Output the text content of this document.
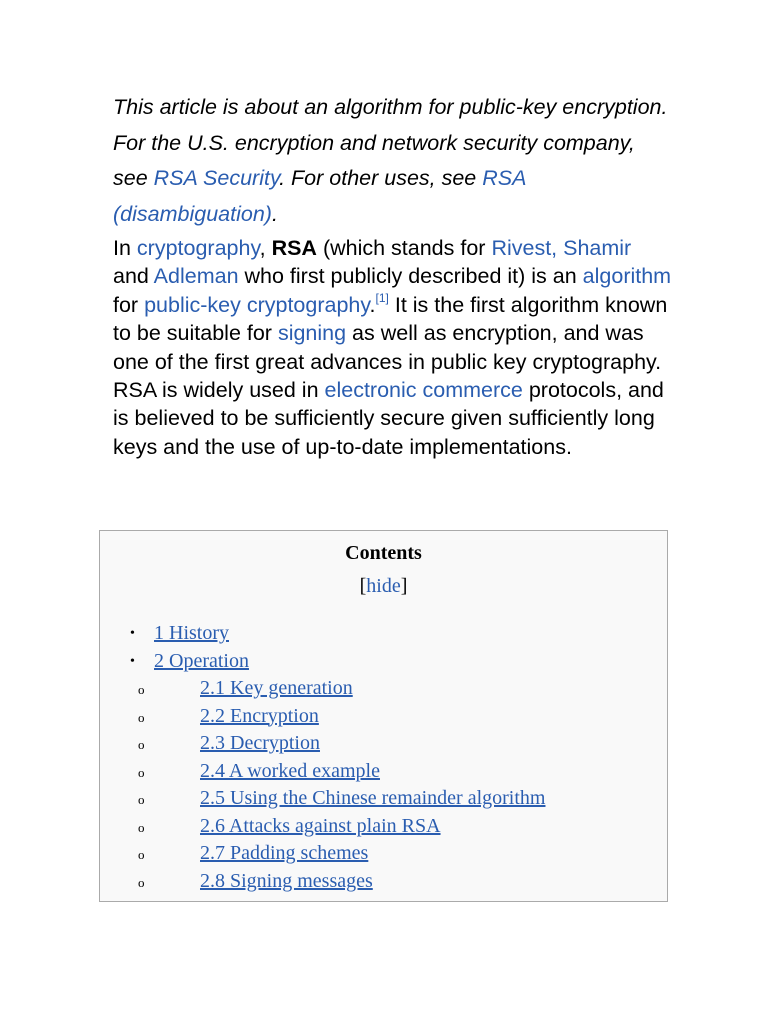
This article is about an algorithm for public-key encryption. For the U.S. encryption and network security company, see RSA Security. For other uses, see RSA (disambiguation).

In cryptography, RSA (which stands for Rivest, Shamir and Adleman who first publicly described it) is an algorithm for public-key cryptography.[1] It is the first algorithm known to be suitable for signing as well as encryption, and was one of the first great advances in public key cryptography. RSA is widely used in electronic commerce protocols, and is believed to be sufficiently secure given sufficiently long keys and the use of up-to-date implementations.

Contents
[hide]
• 1 History
• 2 Operation
o	2.1 Key generation
o	2.2 Encryption
o	2.3 Decryption
o	2.4 A worked example
o	2.5 Using the Chinese remainder algorithm
o	2.6 Attacks against plain RSA
o	2.7 Padding schemes
o	2.8 Signing messages
